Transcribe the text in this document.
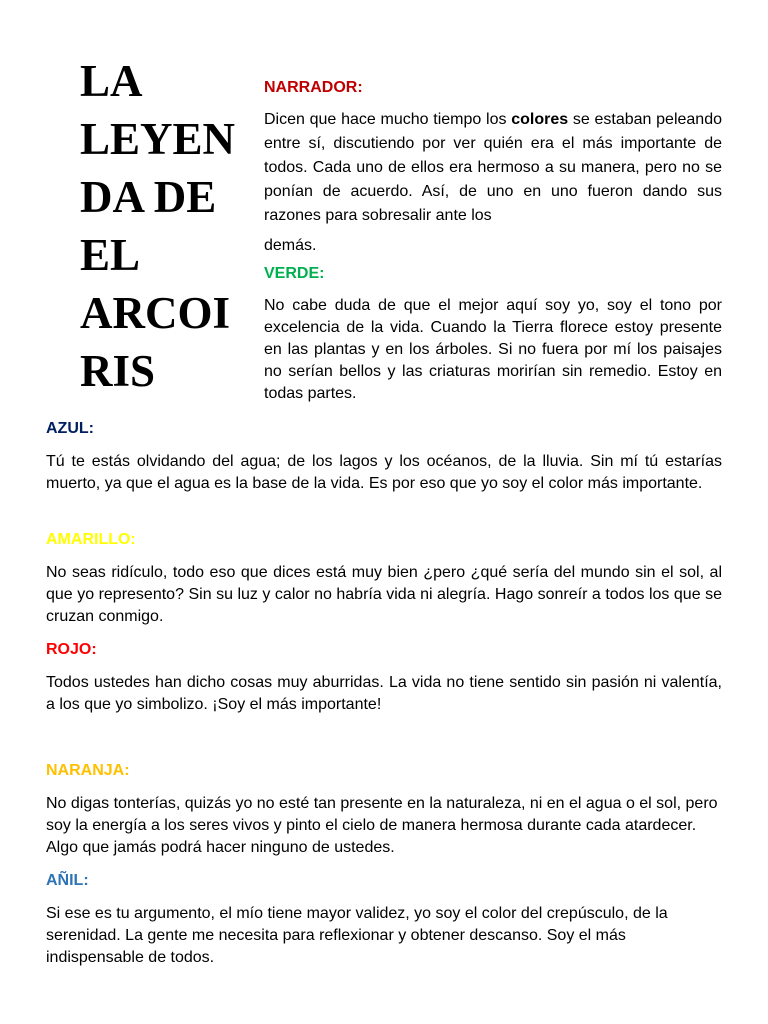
LA
LEYEN
DA DE
EL
ARCOI
RIS
NARRADOR:
Dicen que hace mucho tiempo los colores se estaban peleando entre sí, discutiendo por ver quién era el más importante de todos. Cada uno de ellos era hermoso a su manera, pero no se ponían de acuerdo. Así, de uno en uno fueron dando sus razones para sobresalir ante los
demás.
VERDE:
No cabe duda de que el mejor aquí soy yo, soy el tono por excelencia de la vida. Cuando la Tierra florece estoy presente en las plantas y en los árboles. Si no fuera por mí los paisajes no serían bellos y las criaturas morirían sin remedio. Estoy en todas partes.
AZUL:
Tú te estás olvidando del agua; de los lagos y los océanos, de la lluvia. Sin mí tú estarías muerto, ya que el agua es la base de la vida. Es por eso que yo soy el color más importante.
AMARILLO:
No seas ridículo, todo eso que dices está muy bien ¿pero ¿qué sería del mundo sin el sol, al que yo represento? Sin su luz y calor no habría vida ni alegría. Hago sonreír a todos los que se cruzan conmigo.
ROJO:
Todos ustedes han dicho cosas muy aburridas. La vida no tiene sentido sin pasión ni valentía, a los que yo simbolizo. ¡Soy el más importante!
NARANJA:
No digas tonterías, quizás yo no esté tan presente en la naturaleza, ni en el agua o el sol, pero soy la energía a los seres vivos y pinto el cielo de manera hermosa durante cada atardecer. Algo que jamás podrá hacer ninguno de ustedes.
AÑIL:
Si ese es tu argumento, el mío tiene mayor validez, yo soy el color del crepúsculo, de la serenidad. La gente me necesita para reflexionar y obtener descanso. Soy el más indispensable de todos.
